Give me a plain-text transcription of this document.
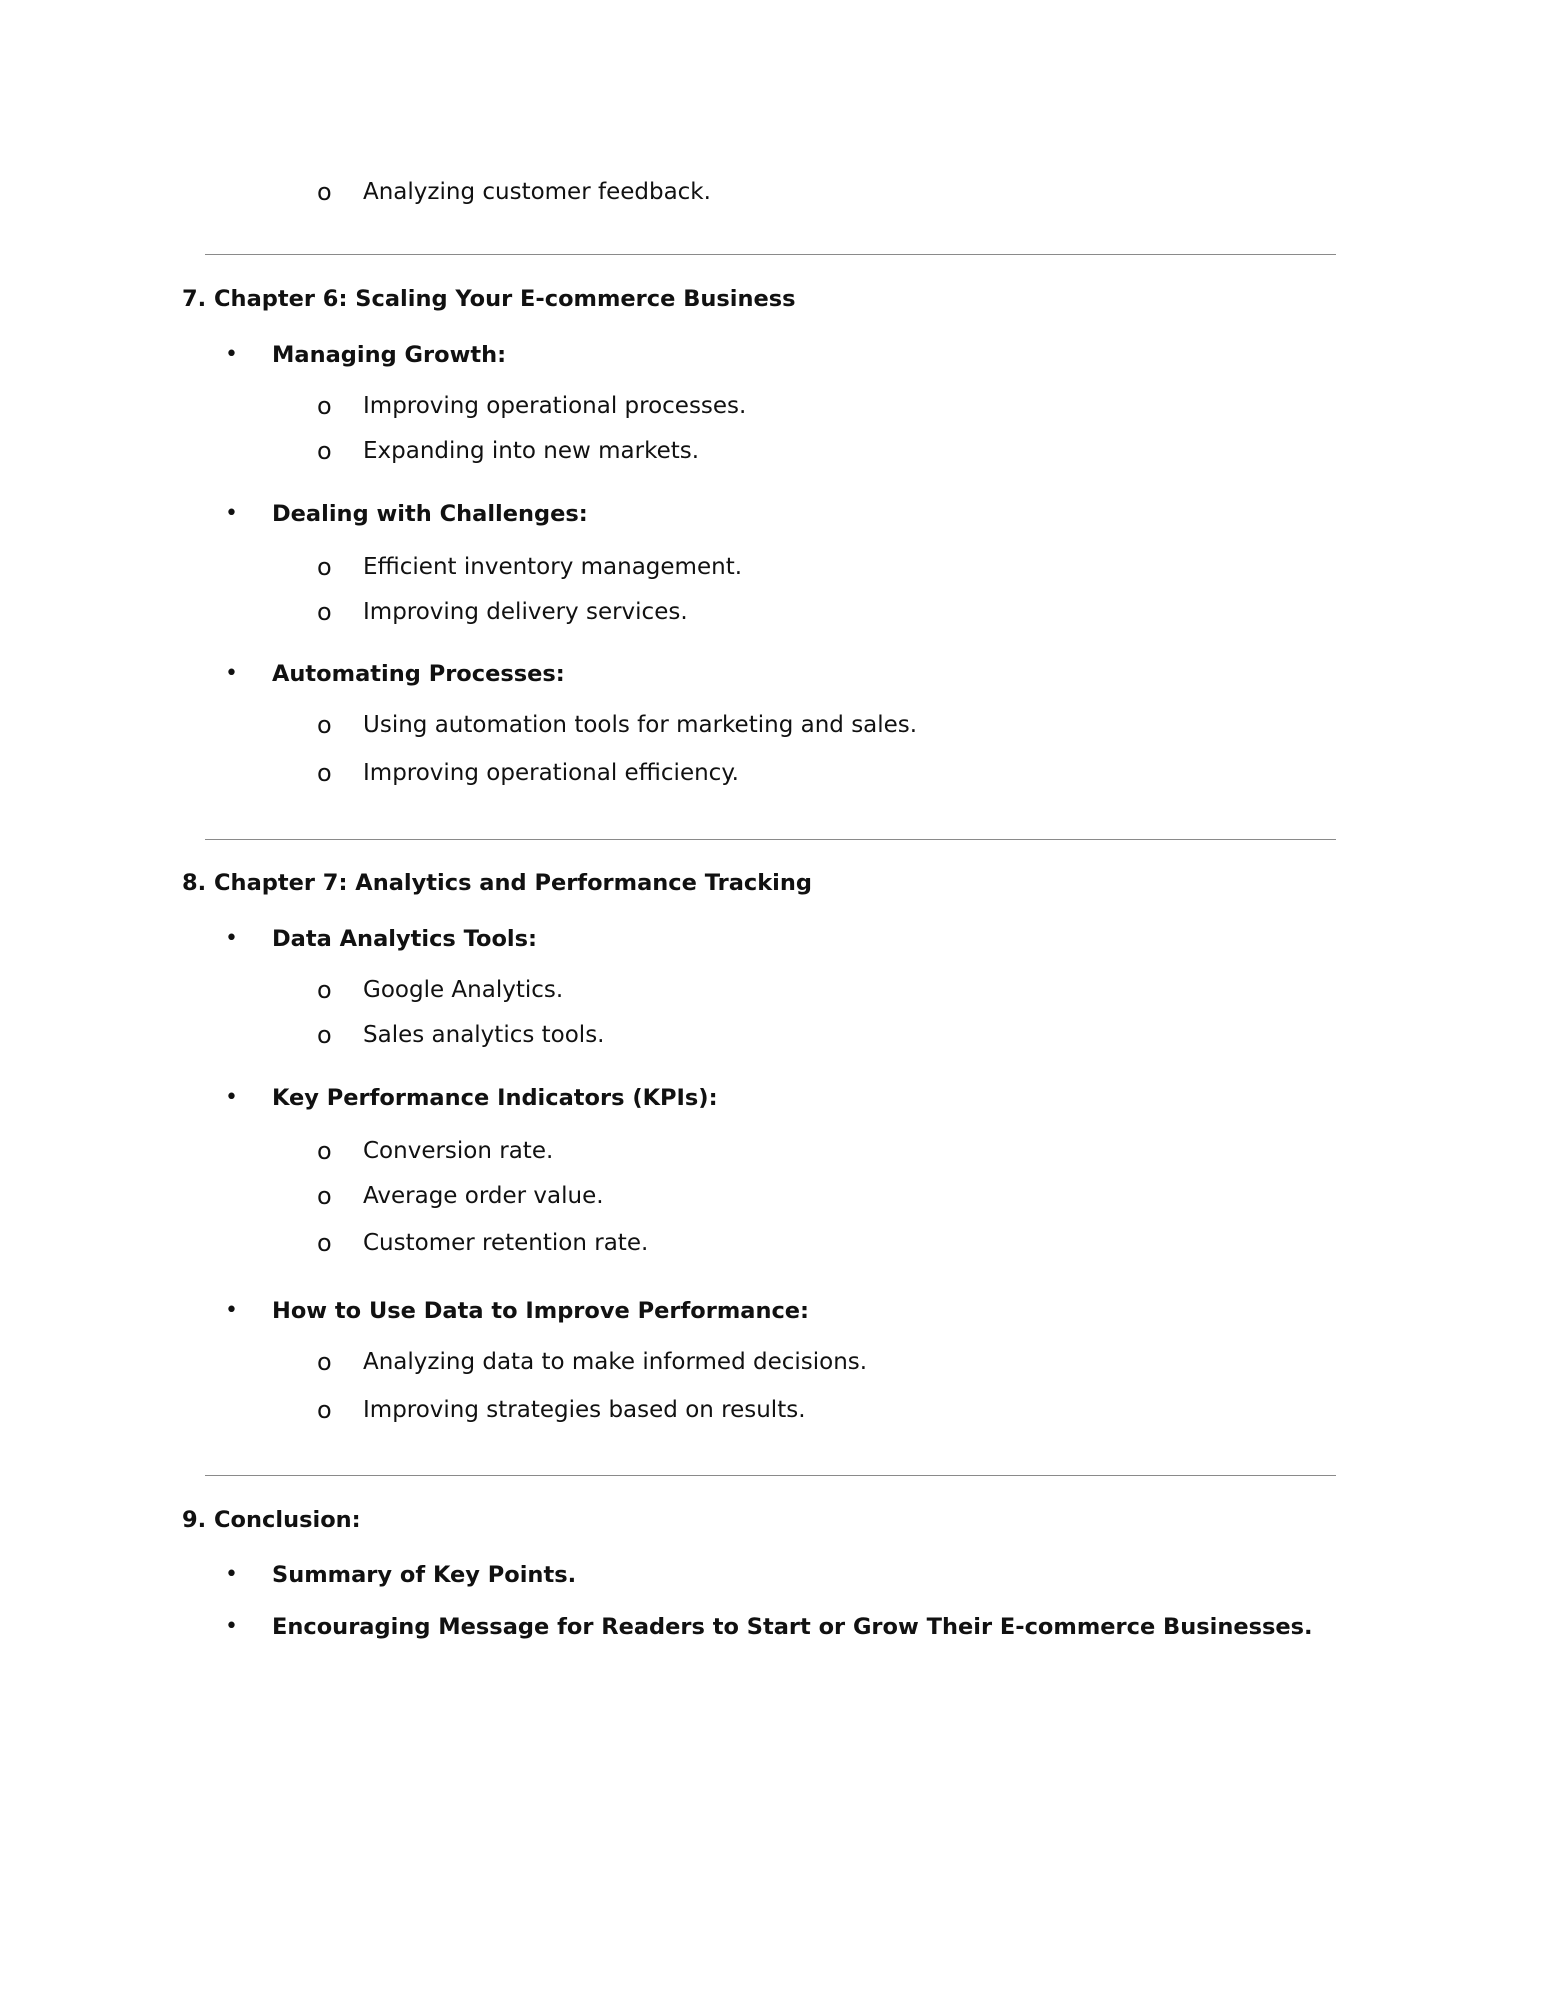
o	Analyzing customer feedback.
7. Chapter 6: Scaling Your E-commerce Business
•	Managing Growth:
o	Improving operational processes.
o	Expanding into new markets.
•	Dealing with Challenges:
o	Efficient inventory management.
o	Improving delivery services.
•	Automating Processes:
o	Using automation tools for marketing and sales.
o	Improving operational efficiency.
8. Chapter 7: Analytics and Performance Tracking
•	Data Analytics Tools:
o	Google Analytics.
o	Sales analytics tools.
•	Key Performance Indicators (KPIs):
o	Conversion rate.
o	Average order value.
o	Customer retention rate.
•	How to Use Data to Improve Performance:
o	Analyzing data to make informed decisions.
o	Improving strategies based on results.
9. Conclusion:
•	Summary of Key Points.
•	Encouraging Message for Readers to Start or Grow Their E-commerce Businesses.
